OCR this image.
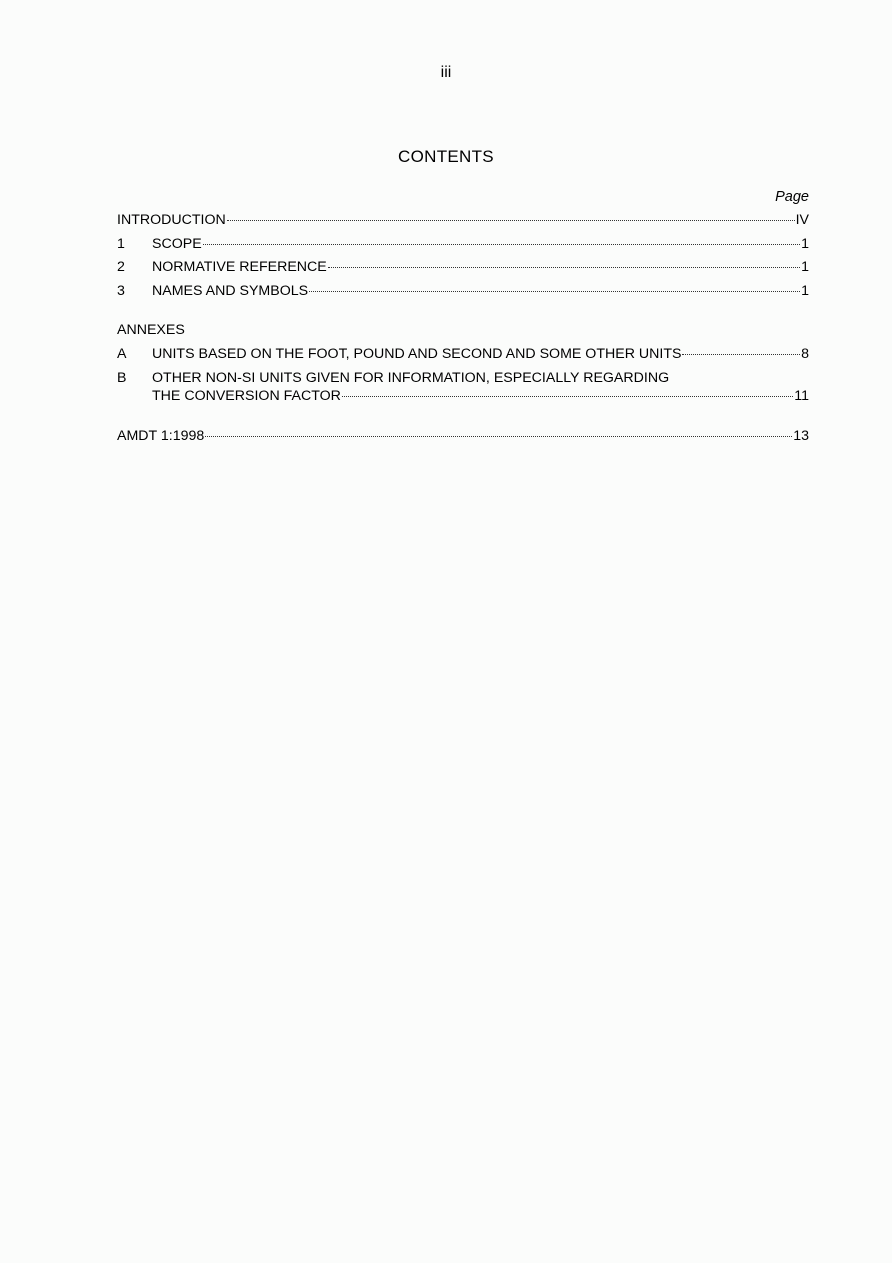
iii
CONTENTS
Page
INTRODUCTION	IV
1	SCOPE	1
2	NORMATIVE REFERENCE	1
3	NAMES AND SYMBOLS	1
ANNEXES
A	UNITS BASED ON THE FOOT, POUND AND SECOND AND SOME OTHER UNITS	8
B OTHER NON-SI UNITS GIVEN FOR INFORMATION, ESPECIALLY REGARDING
THE CONVERSION FACTOR	11
AMDT 1:1998	13
